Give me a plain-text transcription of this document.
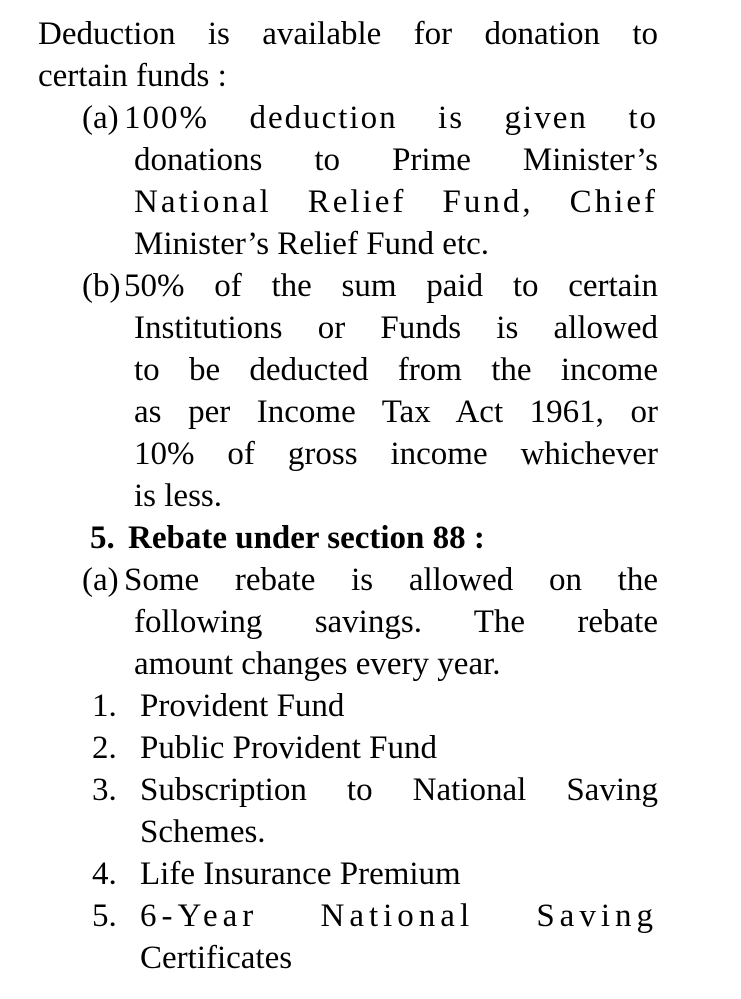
Deduction is available for donation to
certain funds :
(a) 100% deduction is given to
donations to Prime Minister’s
National Relief Fund, Chief
Minister’s Relief Fund etc.
(b) 50% of the sum paid to certain
Institutions or Funds is allowed
to be deducted from the income
as per Income Tax Act 1961, or
10% of gross income whichever
is less.
5. Rebate under section 88 :
(a) Some rebate is allowed on the
following savings. The rebate
amount changes every year.
1. Provident Fund
2. Public Provident Fund
3. Subscription to National Saving
Schemes.
4. Life Insurance Premium
5. 6-Year National Saving
Certificates
